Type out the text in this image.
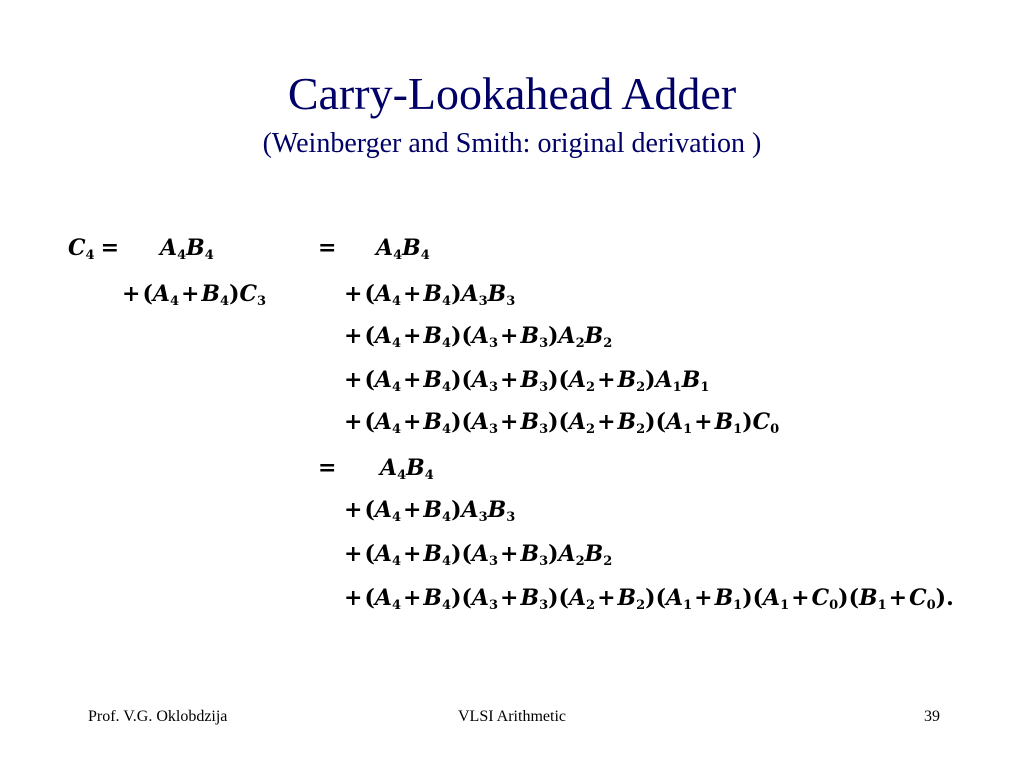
Carry-Lookahead Adder
(Weinberger and Smith: original derivation )
$C_4 = A_4B_4$
$+(A_4+B_4)C_3$
= $A_4B_4$
$+(A_4+B_4)A_3B_3$
$+(A_4+B_4)(A_3+B_3)A_2B_2$
$+(A_4+B_4)(A_3+B_3)(A_2+B_2)A_1B_1$
$+(A_4+B_4)(A_3+B_3)(A_2+B_2)(A_1+B_1)C_0$
= $A_4B_4$
$+(A_4+B_4)A_3B_3$
$+(A_4+B_4)(A_3+B_3)A_2B_2$
$+(A_4+B_4)(A_3+B_3)(A_2+B_2)(A_1+B_1)(A_1+C_0)(B_1+C_0)$.
Prof. V.G. Oklobdzija	VLSI Arithmetic	39
